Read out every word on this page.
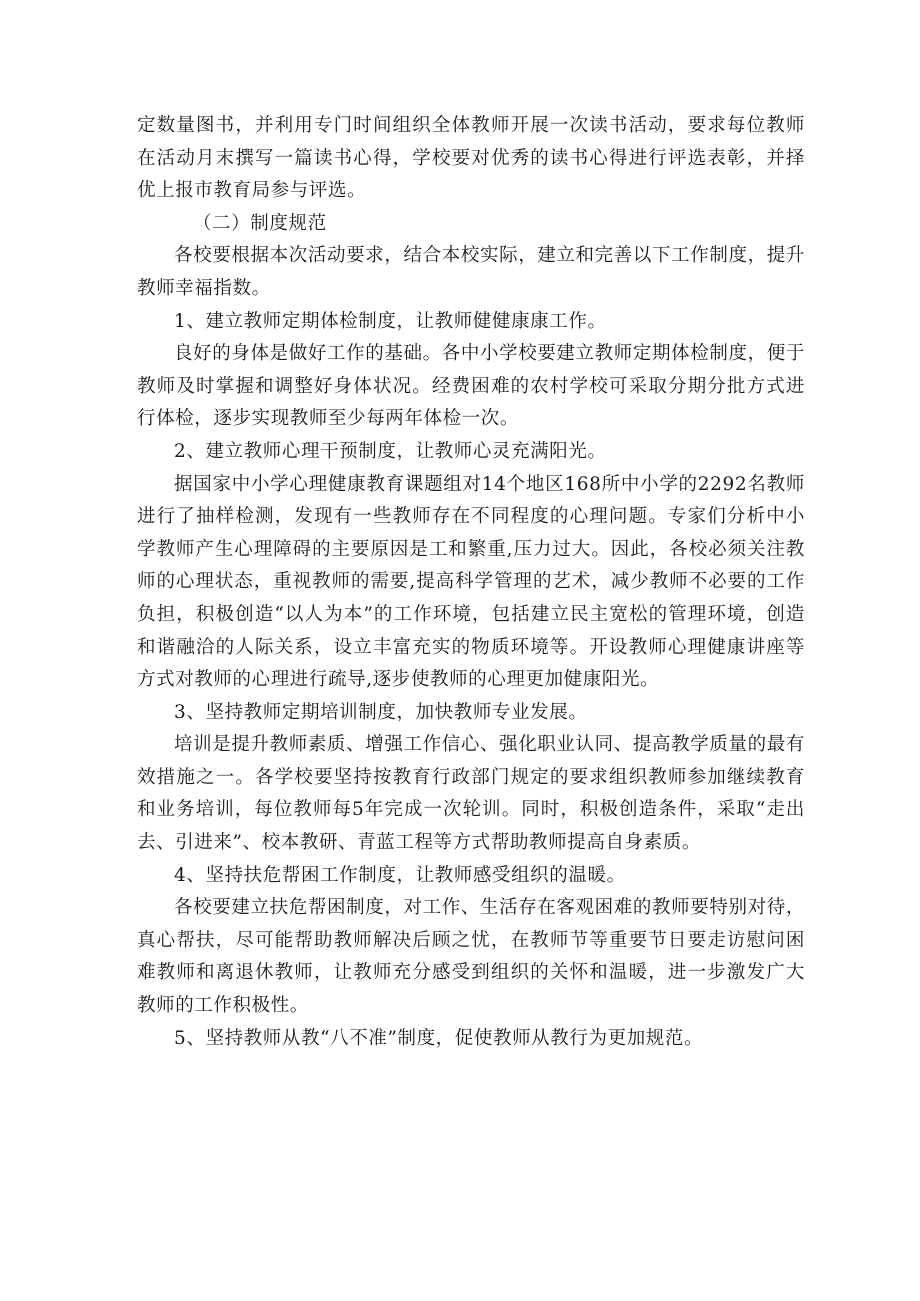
定数量图书，并利用专门时间组织全体教师开展一次读书活动，要求每位教师在活动月末撰写一篇读书心得，学校要对优秀的读书心得进行评选表彰，并择优上报市教育局参与评选。

（二）制度规范

各校要根据本次活动要求，结合本校实际，建立和完善以下工作制度，提升教师幸福指数。

1、建立教师定期体检制度，让教师健健康康工作。

良好的身体是做好工作的基础。各中小学校要建立教师定期体检制度，便于教师及时掌握和调整好身体状况。经费困难的农村学校可采取分期分批方式进行体检，逐步实现教师至少每两年体检一次。

2、建立教师心理干预制度，让教师心灵充满阳光。

据国家中小学心理健康教育课题组对14个地区168所中小学的2292名教师进行了抽样检测，发现有一些教师存在不同程度的心理问题。专家们分析中小学教师产生心理障碍的主要原因是工和繁重,压力过大。因此，各校必须关注教师的心理状态，重视教师的需要,提高科学管理的艺术，减少教师不必要的工作负担，积极创造“以人为本”的工作环境，包括建立民主宽松的管理环境，创造和谐融洽的人际关系，设立丰富充实的物质环境等。开设教师心理健康讲座等方式对教师的心理进行疏导,逐步使教师的心理更加健康阳光。

3、坚持教师定期培训制度，加快教师专业发展。

培训是提升教师素质、增强工作信心、强化职业认同、提高教学质量的最有效措施之一。各学校要坚持按教育行政部门规定的要求组织教师参加继续教育和业务培训，每位教师每5年完成一次轮训。同时，积极创造条件，采取“走出去、引进来”、校本教研、青蓝工程等方式帮助教师提高自身素质。

4、坚持扶危帮困工作制度，让教师感受组织的温暖。

各校要建立扶危帮困制度，对工作、生活存在客观困难的教师要特别对待，真心帮扶，尽可能帮助教师解决后顾之忧，在教师节等重要节日要走访慰问困难教师和离退休教师，让教师充分感受到组织的关怀和温暖，进一步激发广大教师的工作积极性。

5、坚持教师从教“八不准”制度，促使教师从教行为更加规范。
